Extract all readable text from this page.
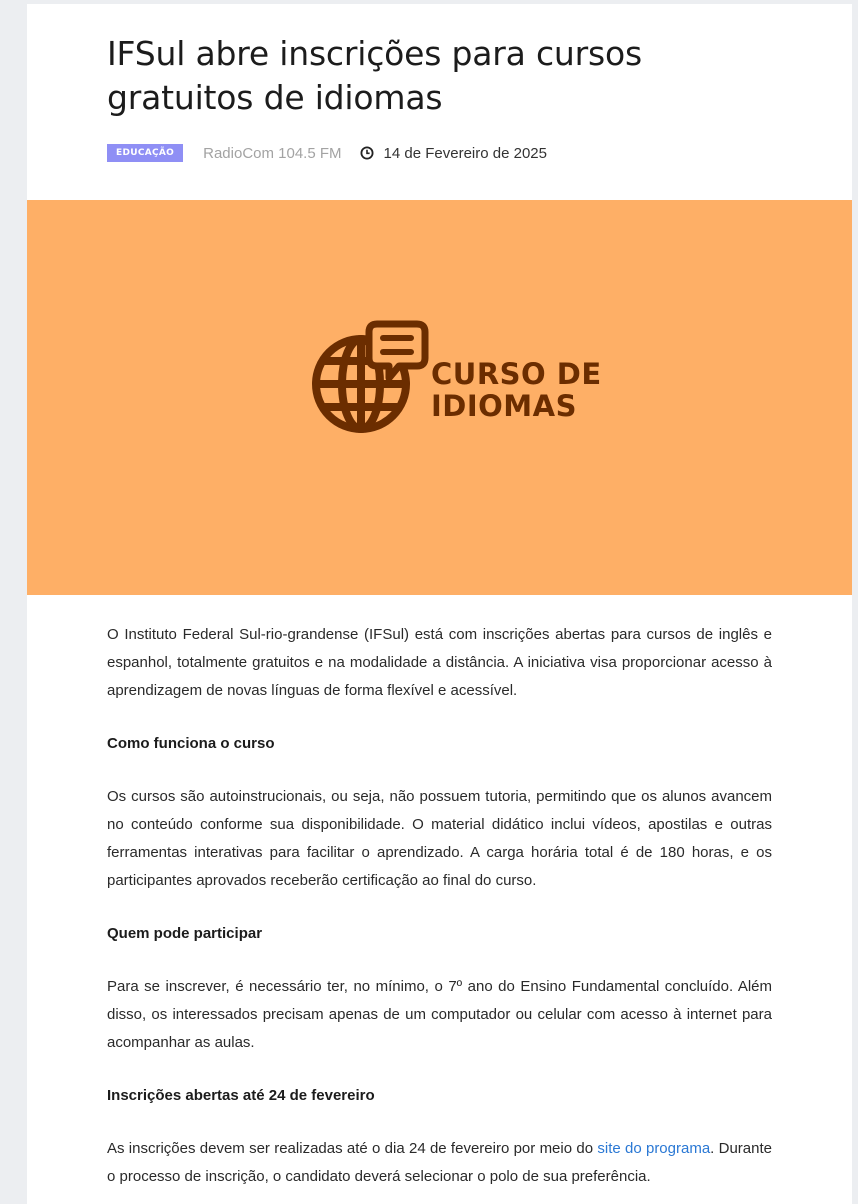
IFSul abre inscrições para cursos gratuitos de idiomas
EDUCAÇÃO	RadioCom 104.5 FM	14 de Fevereiro de 2025
CURSO DE
IDIOMAS

O Instituto Federal Sul-rio-grandense (IFSul) está com inscrições abertas para cursos de inglês e espanhol, totalmente gratuitos e na modalidade a distância. A iniciativa visa proporcionar acesso à aprendizagem de novas línguas de forma flexível e acessível.

Como funciona o curso

Os cursos são autoinstrucionais, ou seja, não possuem tutoria, permitindo que os alunos avancem no conteúdo conforme sua disponibilidade. O material didático inclui vídeos, apostilas e outras ferramentas interativas para facilitar o aprendizado. A carga horária total é de 180 horas, e os participantes aprovados receberão certificação ao final do curso.

Quem pode participar

Para se inscrever, é necessário ter, no mínimo, o 7º ano do Ensino Fundamental concluído. Além disso, os interessados precisam apenas de um computador ou celular com acesso à internet para acompanhar as aulas.

Inscrições abertas até 24 de fevereiro

As inscrições devem ser realizadas até o dia 24 de fevereiro por meio do site do programa. Durante o processo de inscrição, o candidato deverá selecionar o polo de sua preferência.
